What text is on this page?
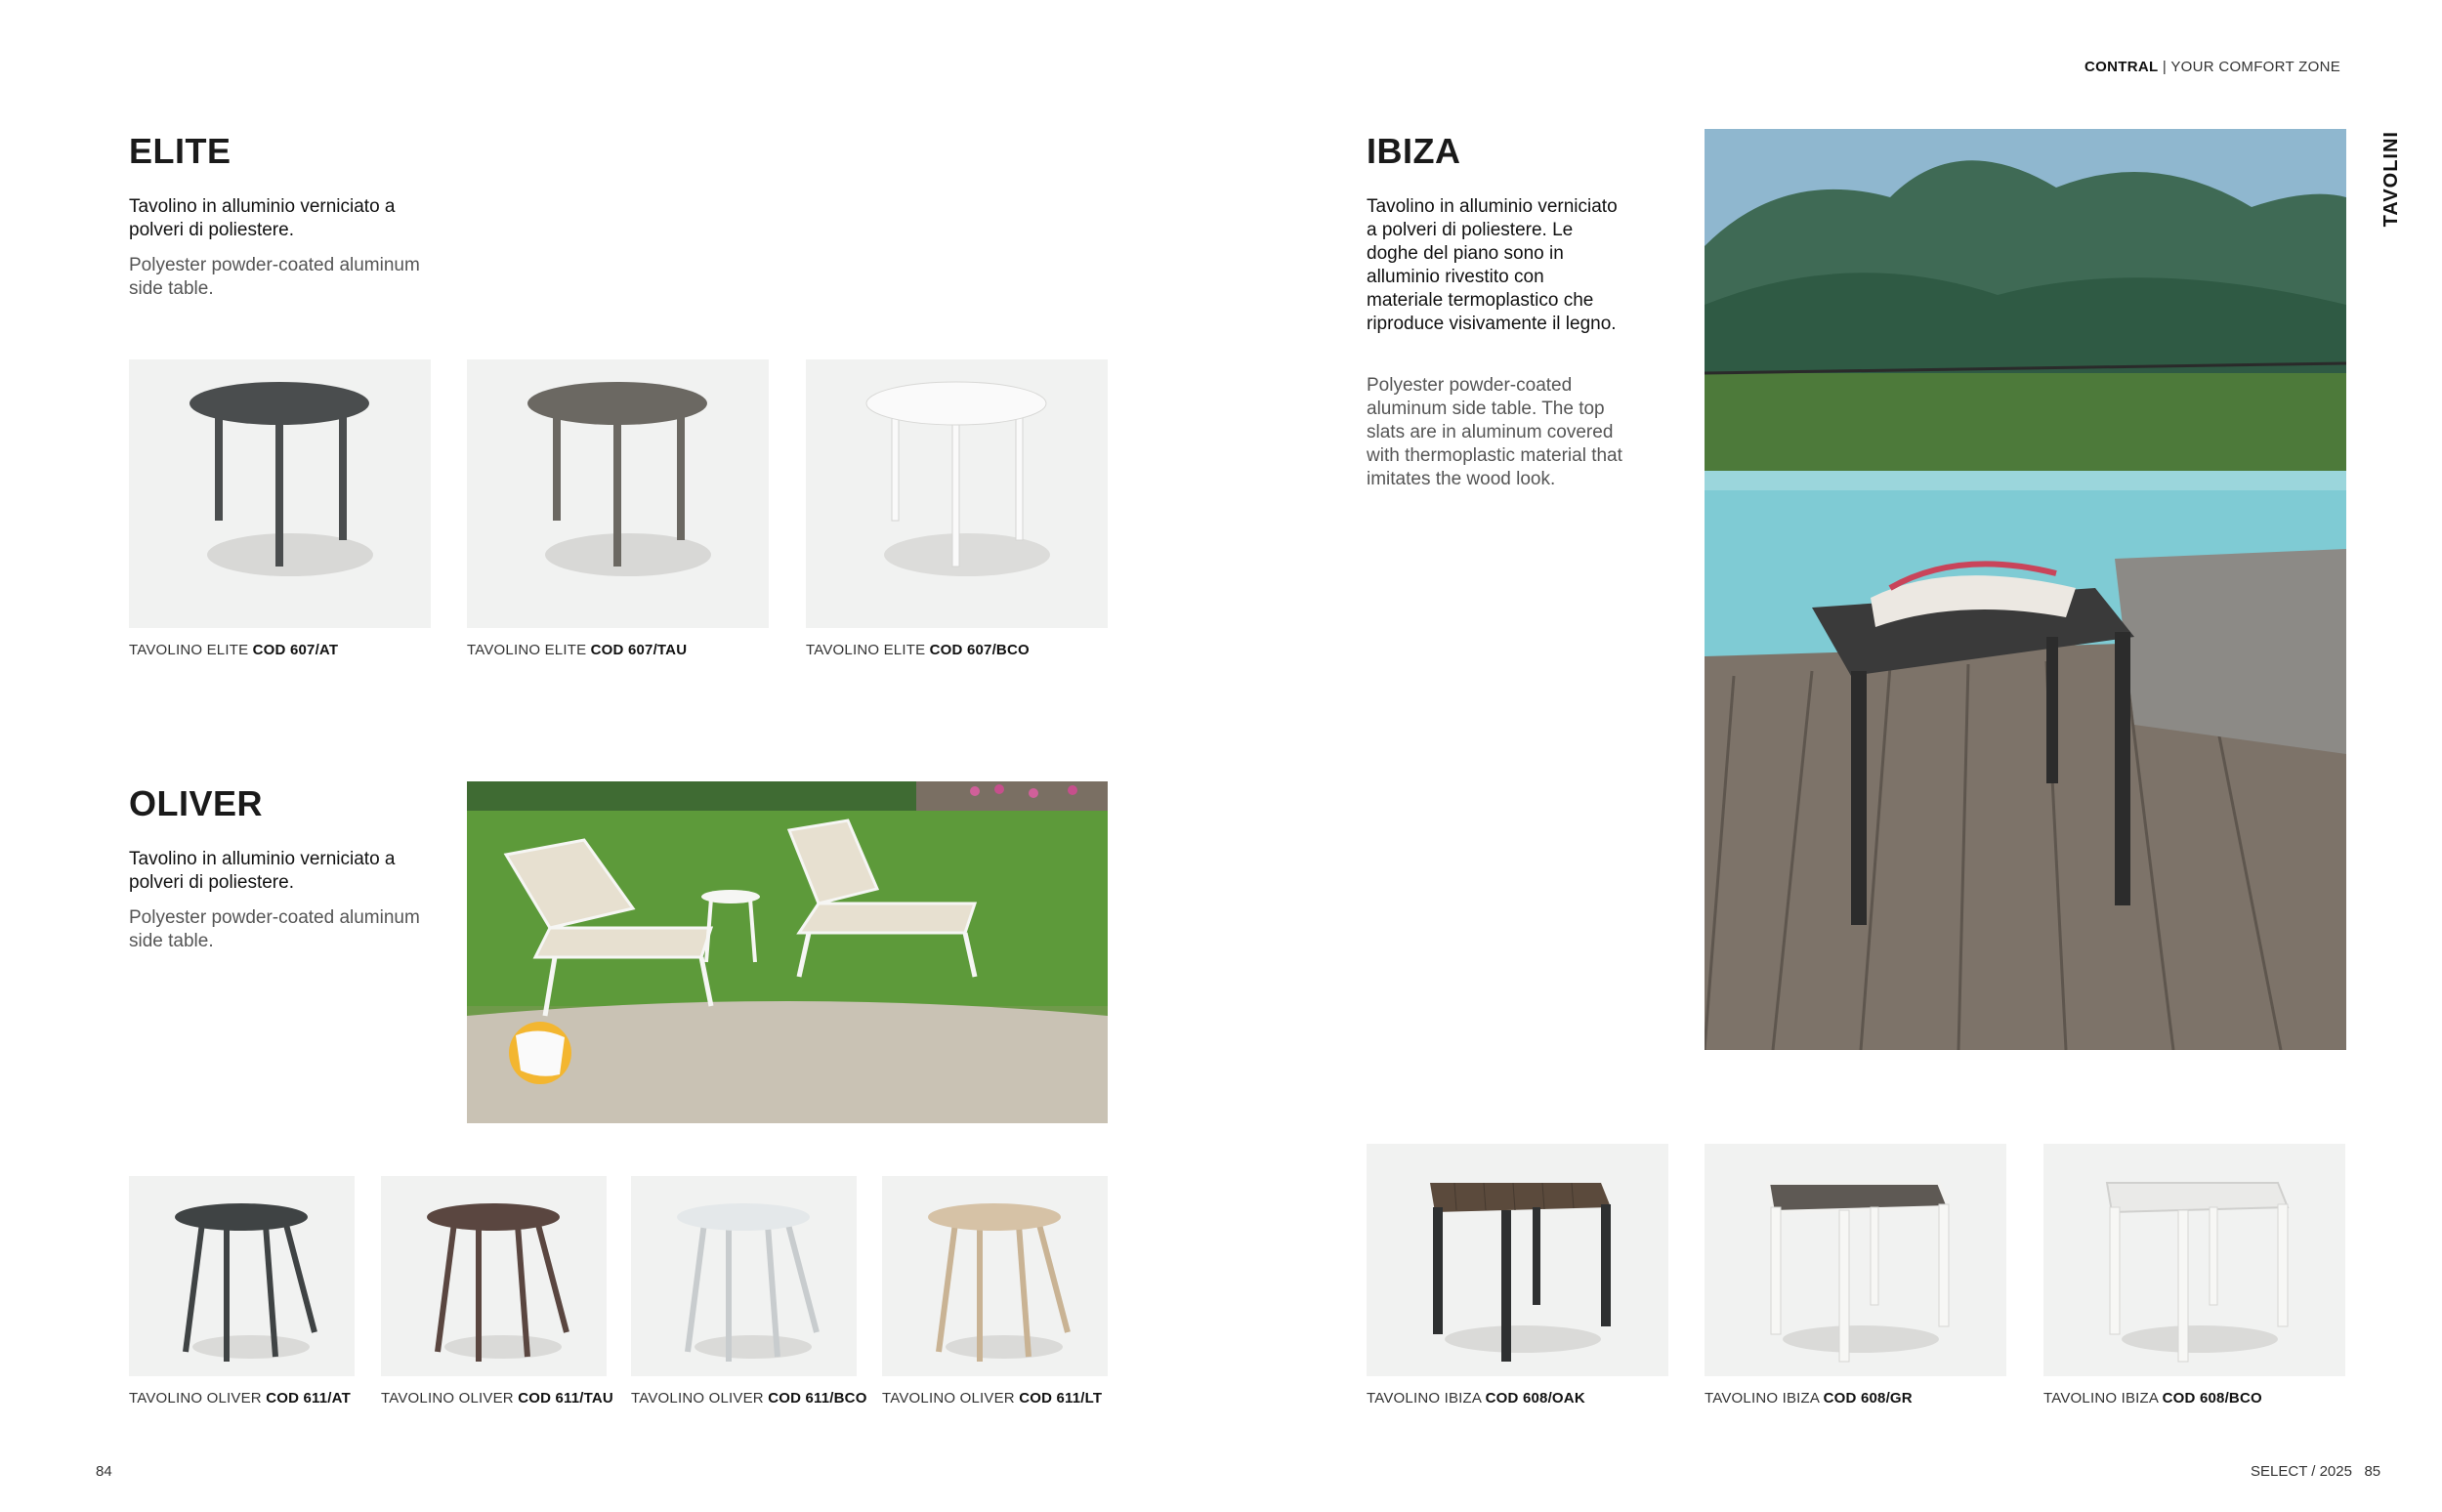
CONTRAL | YOUR COMFORT ZONE
TAVOLINI
ELITE

Tavolino in alluminio verniciato a polveri di poliestere.

Polyester powder-coated aluminum side table.

TAVOLINO ELITE COD 607/AT	TAVOLINO ELITE COD 607/TAU	TAVOLINO ELITE COD 607/BCO
OLIVER

Tavolino in alluminio verniciato a polveri di poliestere.

Polyester powder-coated aluminum side table.

TAVOLINO OLIVER COD 611/AT TAVOLINO OLIVER COD 611/TAU TAVOLINO OLIVER COD 611/BCO TAVOLINO OLIVER COD 611/LT
IBIZA

Tavolino in alluminio verniciato a polveri di poliestere. Le doghe del piano sono in alluminio rivestito con materiale termoplastico che riproduce visivamente il legno.

Polyester powder-coated aluminum side table. The top slats are in aluminum covered with thermoplastic material that imitates the wood look.

TAVOLINO IBIZA COD 608/OAK	TAVOLINO IBIZA COD 608/GR	TAVOLINO IBIZA COD 608/BCO
84	SELECT / 2025 85
